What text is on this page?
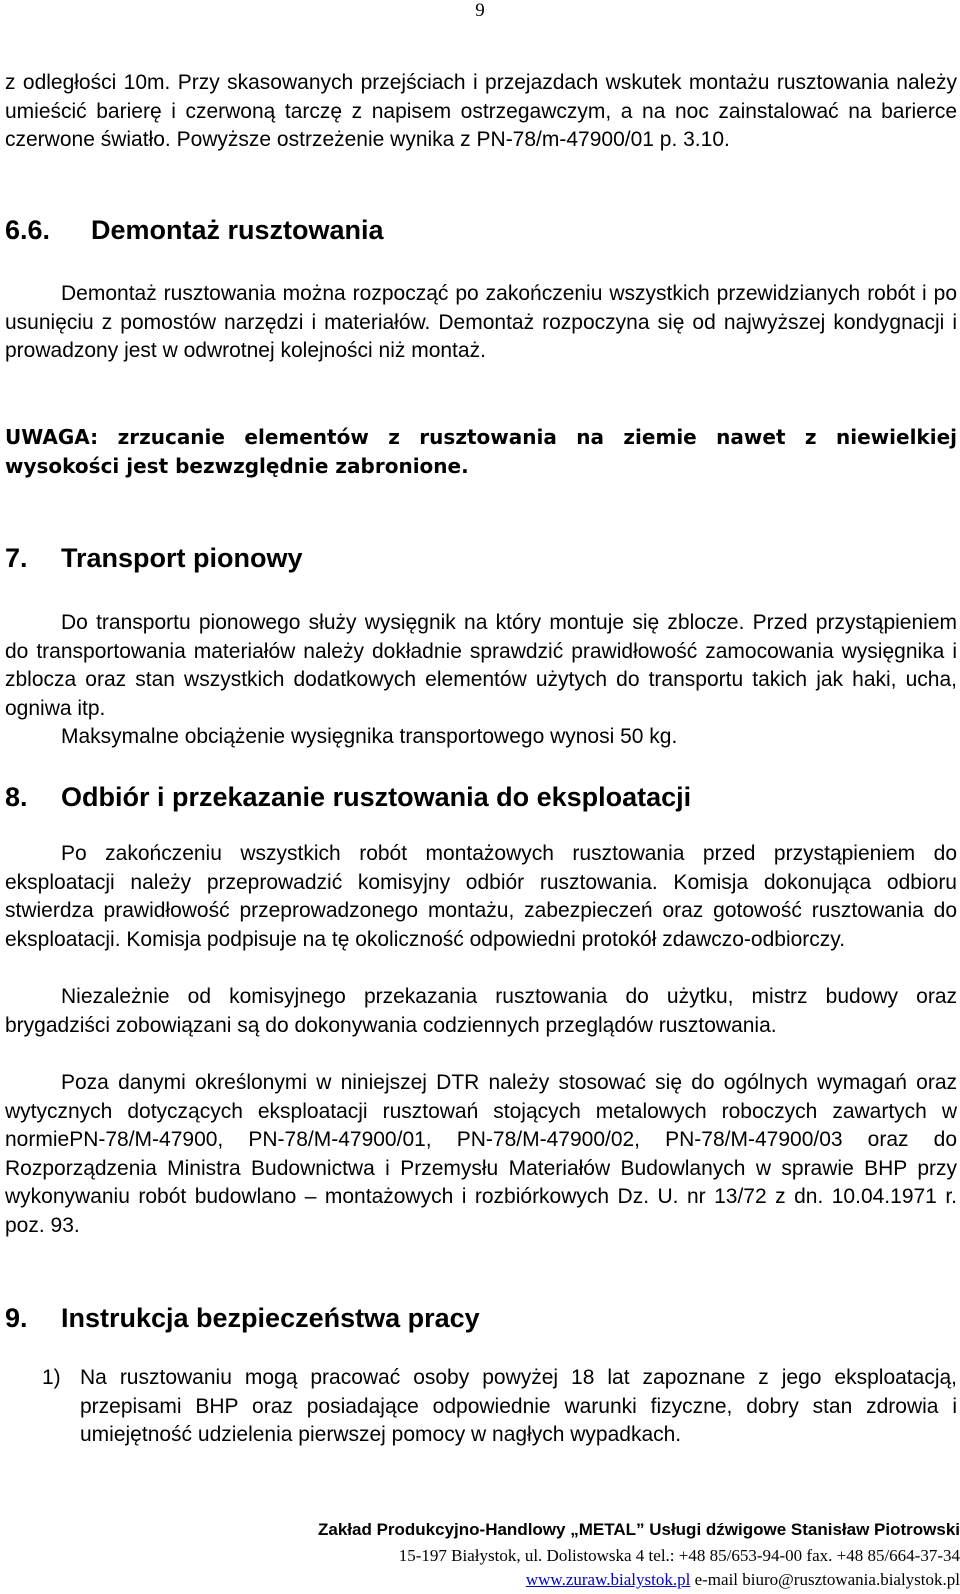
9

z odległości 10m. Przy skasowanych przejściach i przejazdach wskutek montażu rusztowania należy umieścić barierę i czerwoną tarczę z napisem ostrzegawczym, a na noc zainstalować na barierce czerwone światło. Powyższe ostrzeżenie wynika z PN-78/m-47900/01 p. 3.10.

6.6. Demontaż rusztowania

Demontaż rusztowania można rozpocząć po zakończeniu wszystkich przewidzianych robót i po usunięciu z pomostów narzędzi i materiałów. Demontaż rozpoczyna się od najwyższej kondygnacji i prowadzony jest w odwrotnej kolejności niż montaż.

UWAGA: zrzucanie elementów z rusztowania na ziemie nawet z niewielkiej wysokości jest bezwzględnie zabronione.

7. Transport pionowy

Do transportu pionowego służy wysięgnik na który montuje się zblocze. Przed przystąpieniem do transportowania materiałów należy dokładnie sprawdzić prawidłowość zamocowania wysięgnika i zblocza oraz stan wszystkich dodatkowych elementów użytych do transportu takich jak haki, ucha, ogniwa itp.

Maksymalne obciążenie wysięgnika transportowego wynosi 50 kg.

8. Odbiór i przekazanie rusztowania do eksploatacji

Po zakończeniu wszystkich robót montażowych rusztowania przed przystąpieniem do eksploatacji należy przeprowadzić komisyjny odbiór rusztowania. Komisja dokonująca odbioru stwierdza prawidłowość przeprowadzonego montażu, zabezpieczeń oraz gotowość rusztowania do eksploatacji. Komisja podpisuje na tę okoliczność odpowiedni protokół zdawczo-odbiorczy.

Niezależnie od komisyjnego przekazania rusztowania do użytku, mistrz budowy oraz brygadziści zobowiązani są do dokonywania codziennych przeglądów rusztowania.

Poza danymi określonymi w niniejszej DTR należy stosować się do ogólnych wymagań oraz wytycznych dotyczących eksploatacji rusztowań stojących metalowych roboczych zawartych w normiePN-78/M-47900, PN-78/M-47900/01, PN-78/M-47900/02, PN-78/M-47900/03 oraz do Rozporządzenia Ministra Budownictwa i Przemysłu Materiałów Budowlanych w sprawie BHP przy wykonywaniu robót budowlano – montażowych i rozbiórkowych Dz. U. nr 13/72 z dn. 10.04.1971 r. poz. 93.

9. Instrukcja bezpieczeństwa pracy
1) Na rusztowaniu mogą pracować osoby powyżej 18 lat zapoznane z jego eksploatacją, przepisami BHP oraz posiadające odpowiednie warunki fizyczne, dobry stan zdrowia i umiejętność udzielenia pierwszej pomocy w nagłych wypadkach.
Zakład Produkcyjno-Handlowy „METAL” Usługi dźwigowe Stanisław Piotrowski
15-197 Białystok, ul. Dolistowska 4 tel.: +48 85/653-94-00 fax. +48 85/664-37-34
www.zuraw.bialystok.pl e-mail biuro@rusztowania.bialystok.pl
